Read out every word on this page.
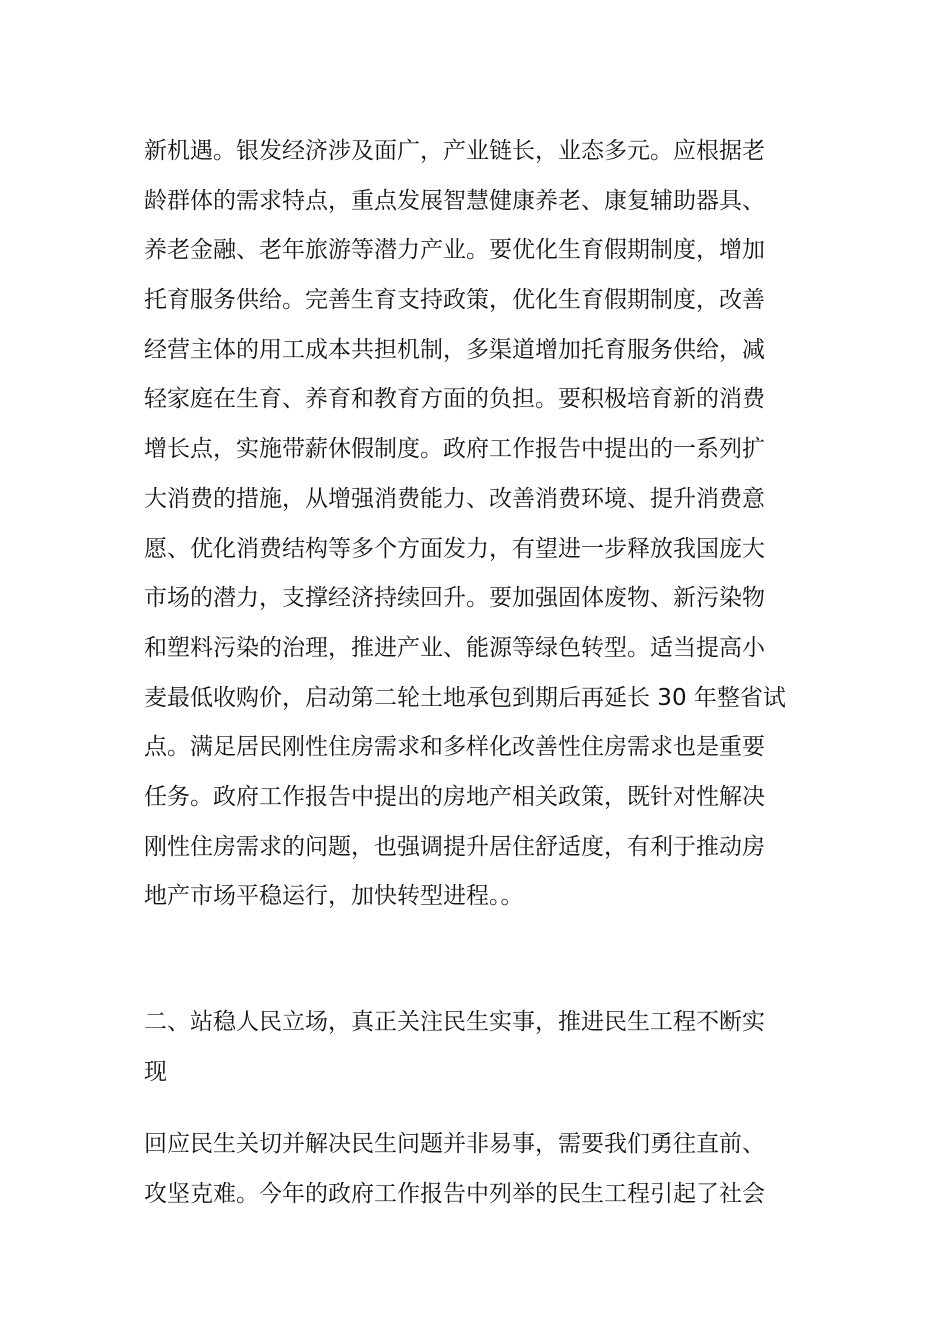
新机遇。银发经济涉及面广，产业链长，业态多元。应根据老
龄群体的需求特点，重点发展智慧健康养老、康复辅助器具、
养老金融、老年旅游等潜力产业。要优化生育假期制度，增加
托育服务供给。完善生育支持政策，优化生育假期制度，改善
经营主体的用工成本共担机制，多渠道增加托育服务供给，减
轻家庭在生育、养育和教育方面的负担。要积极培育新的消费
增长点，实施带薪休假制度。政府工作报告中提出的一系列扩
大消费的措施，从增强消费能力、改善消费环境、提升消费意
愿、优化消费结构等多个方面发力，有望进一步释放我国庞大
市场的潜力，支撑经济持续回升。要加强固体废物、新污染物
和塑料污染的治理，推进产业、能源等绿色转型。适当提高小
麦最低收购价，启动第二轮土地承包到期后再延长 30 年整省试
点。满足居民刚性住房需求和多样化改善性住房需求也是重要
任务。政府工作报告中提出的房地产相关政策，既针对性解决
刚性住房需求的问题，也强调提升居住舒适度，有利于推动房
地产市场平稳运行，加快转型进程。。
二、站稳人民立场，真正关注民生实事，推进民生工程不断实
现
回应民生关切并解决民生问题并非易事，需要我们勇往直前、
攻坚克难。今年的政府工作报告中列举的民生工程引起了社会
